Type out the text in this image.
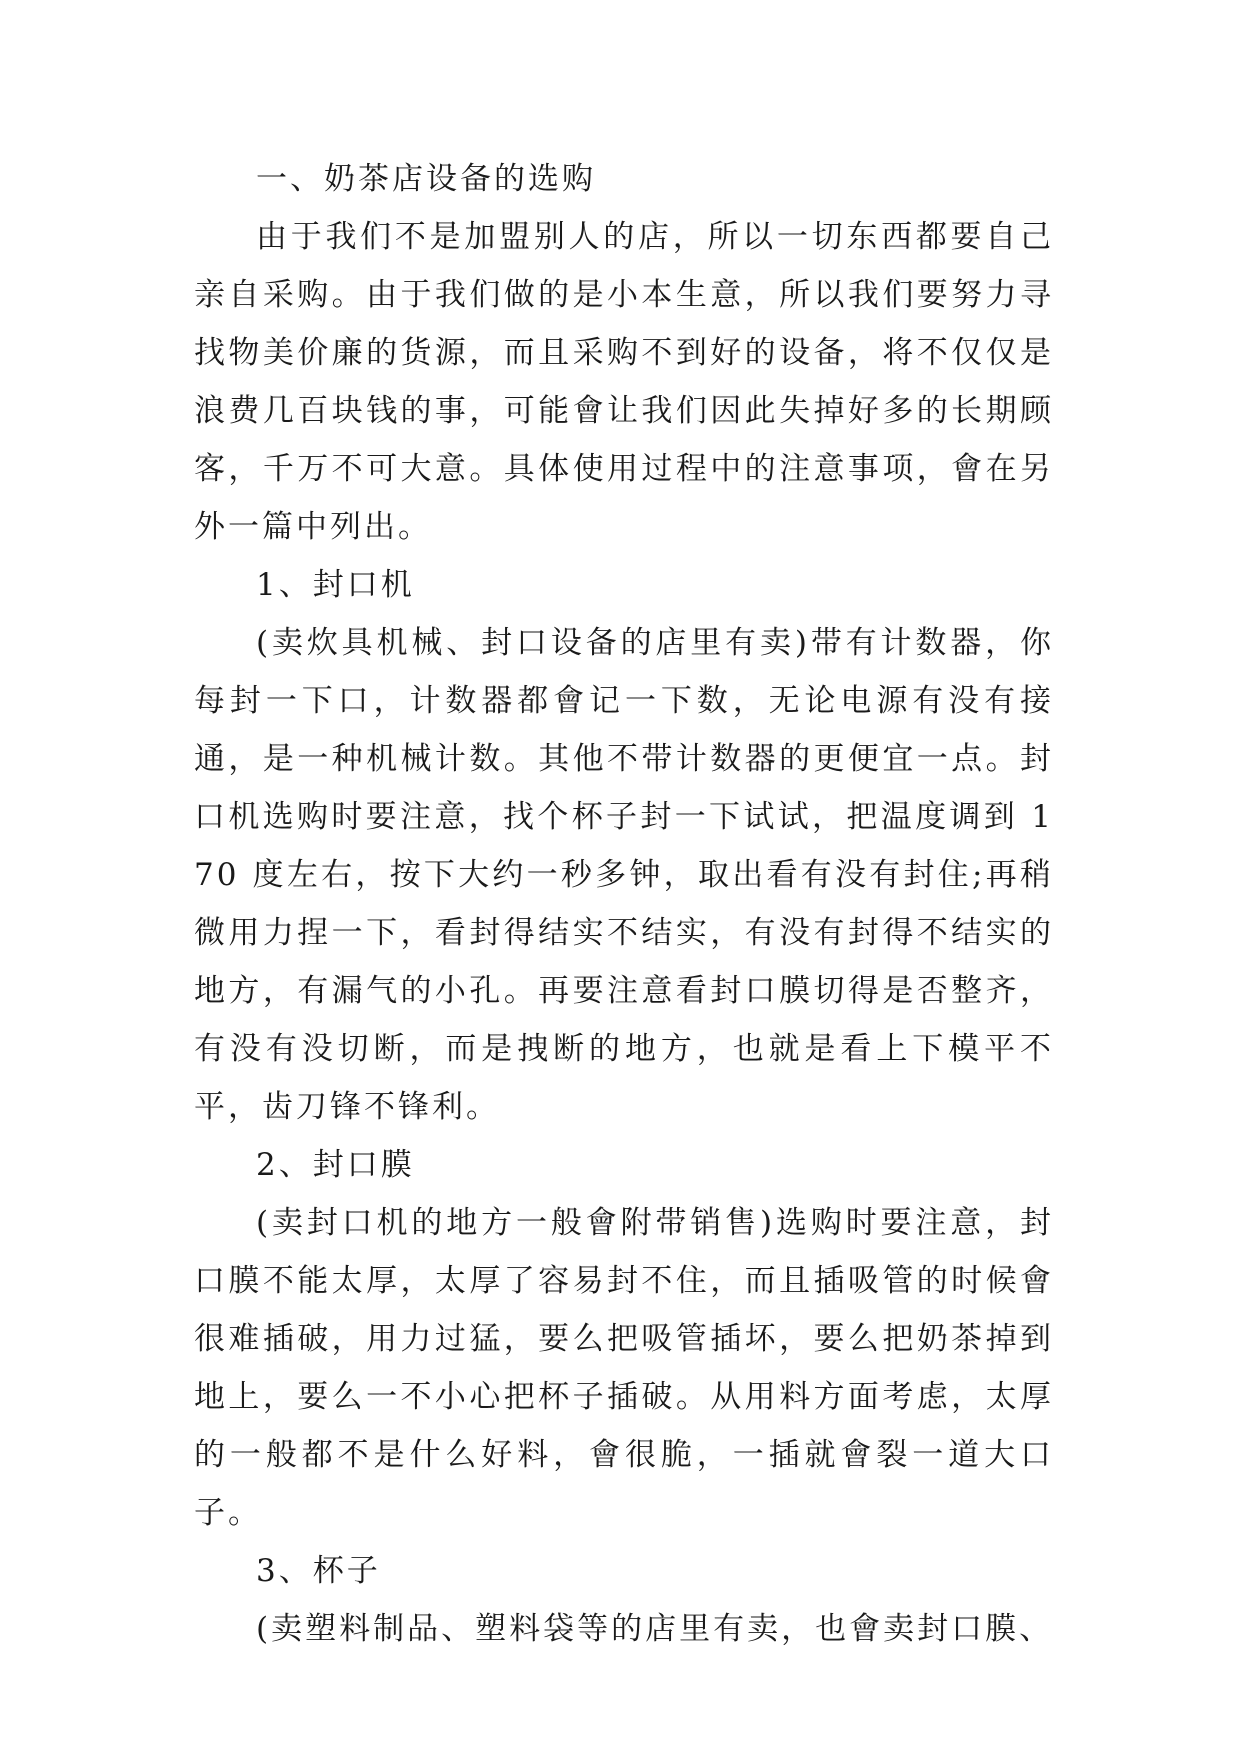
一、奶茶店设备的选购

由于我们不是加盟别人的店，所以一切东西都要自己亲自采购。由于我们做的是小本生意，所以我们要努力寻找物美价廉的货源，而且采购不到好的设备，将不仅仅是浪费几百块钱的事，可能會让我们因此失掉好多的长期顾客，千万不可大意。具体使用过程中的注意事项，會在另外一篇中列出。

1、封口机

(卖炊具机械、封口设备的店里有卖)带有计数器，你每封一下口，计数器都會记一下数，无论电源有没有接通，是一种机械计数。其他不带计数器的更便宜一点。封口机选购时要注意，找个杯子封一下试试，把温度调到 170 度左右，按下大约一秒多钟，取出看有没有封住;再稍微用力捏一下，看封得结实不结实，有没有封得不结实的地方，有漏气的小孔。再要注意看封口膜切得是否整齐，有没有没切断，而是拽断的地方，也就是看上下模平不平，齿刀锋不锋利。

2、封口膜

(卖封口机的地方一般會附带销售)选购时要注意，封口膜不能太厚，太厚了容易封不住，而且插吸管的时候會很难插破，用力过猛，要么把吸管插坏，要么把奶茶掉到地上，要么一不小心把杯子插破。从用料方面考虑，太厚的一般都不是什么好料，會很脆，一插就會裂一道大口子。

3、杯子

(卖塑料制品、塑料袋等的店里有卖，也會卖封口膜、
